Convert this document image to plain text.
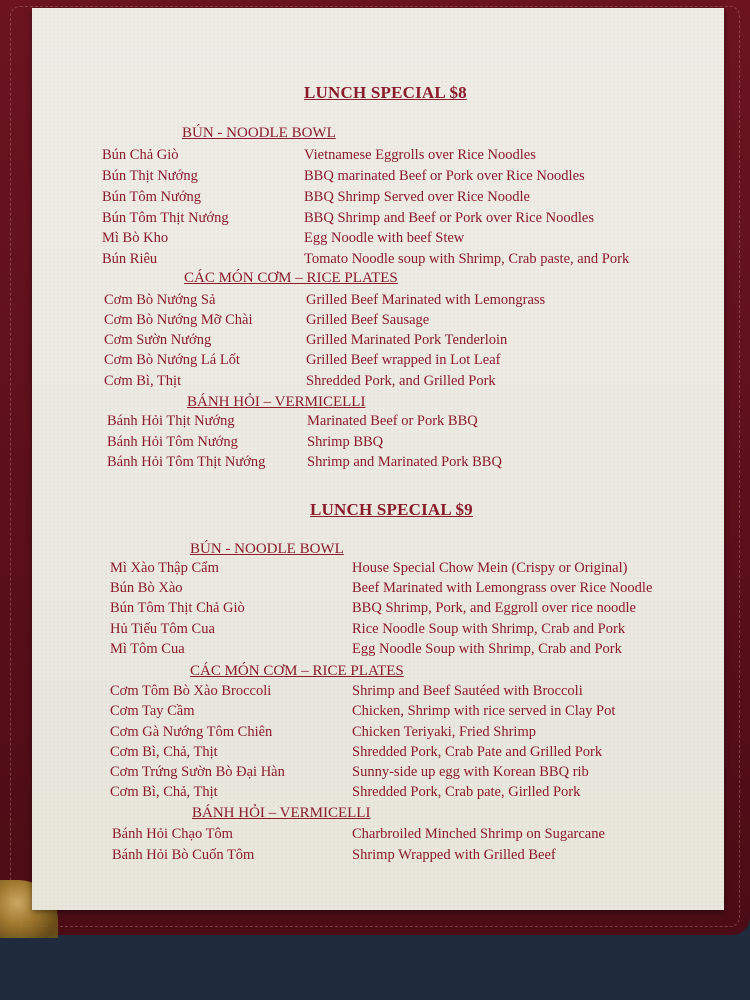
LUNCH SPECIAL $8
BÚN - NOODLE BOWL
Bún Chả Giò	Vietnamese Eggrolls over Rice Noodles
Bún Thịt Nướng	BBQ marinated Beef or Pork over Rice Noodles
Bún Tôm Nướng	BBQ Shrimp Served over Rice Noodle
Bún Tôm Thịt Nướng	BBQ Shrimp and Beef or Pork over Rice Noodles
Mì Bò Kho	Egg Noodle with beef Stew
Bún Riêu	Tomato Noodle soup with Shrimp, Crab paste, and Pork
CÁC MÓN CƠM – RICE PLATES
Cơm Bò Nướng Sả	Grilled Beef Marinated with Lemongrass
Cơm Bò Nướng Mỡ Chài	Grilled Beef Sausage
Cơm Sườn Nướng	Grilled Marinated Pork Tenderloin
Cơm Bò Nướng Lá Lốt	Grilled Beef wrapped in Lot Leaf
Cơm Bì, Thịt	Shredded Pork, and Grilled Pork
BÁNH HỎI – VERMICELLI
Bánh Hỏi Thịt Nướng	Marinated Beef or Pork BBQ
Bánh Hỏi Tôm Nướng	Shrimp BBQ
Bánh Hỏi Tôm Thịt Nướng	Shrimp and Marinated Pork BBQ
LUNCH SPECIAL $9
BÚN - NOODLE BOWL
Mì Xào Thập Cẩm	House Special Chow Mein (Crispy or Original)
Bún Bò Xào	Beef Marinated with Lemongrass over Rice Noodle
Bún Tôm Thịt Chả Giò	BBQ Shrimp, Pork, and Eggroll over rice noodle
Hủ Tiếu Tôm Cua	Rice Noodle Soup with Shrimp, Crab and Pork
Mì Tôm Cua	Egg Noodle Soup with Shrimp, Crab and Pork
CÁC MÓN CƠM – RICE PLATES
Cơm Tôm Bò Xào Broccoli	Shrimp and Beef Sautéed with Broccoli
Cơm Tay Cầm	Chicken, Shrimp with rice served in Clay Pot
Cơm Gà Nướng Tôm Chiên	Chicken Teriyaki, Fried Shrimp
Cơm Bì, Chả, Thịt	Shredded Pork, Crab Pate and Grilled Pork
Cơm Trứng Sườn Bò Đại Hàn	Sunny-side up egg with Korean BBQ rib
Cơm Bì, Chả, Thịt	Shredded Pork, Crab pate, Girlled Pork
BÁNH HỎI – VERMICELLI
Bánh Hỏi Chạo Tôm	Charbroiled Minched Shrimp on Sugarcane
Bánh Hỏi Bò Cuốn Tôm	Shrimp Wrapped with Grilled Beef
